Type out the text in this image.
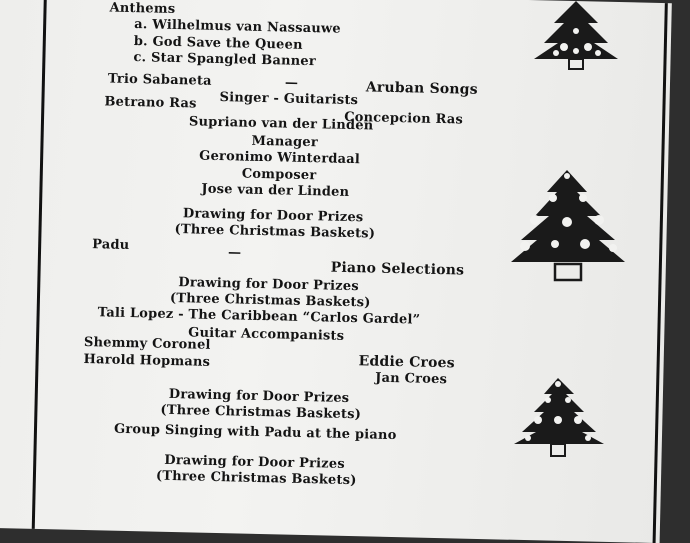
Anthems
a. Wilhelmus van Nassauwe
b. God Save the Queen
c. Star Spangled Banner
Trio Sabaneta	—	Aruban Songs
Singer - Guitarists
Betrano Ras
Concepcion Ras
Supriano van der Linden
Manager
Geronimo Winterdaal
Composer
Jose van der Linden
Drawing for Door Prizes
(Three Christmas Baskets)
Padu	—
Piano Selections
Drawing for Door Prizes
(Three Christmas Baskets)
Tali Lopez - The Caribbean “Carlos Gardel”
Guitar Accompanists
Shemmy Coronel
Eddie Croes
Harold Hopmans
Jan Croes
Drawing for Door Prizes
(Three Christmas Baskets)
Group Singing with Padu at the piano
Drawing for Door Prizes
(Three Christmas Baskets)
